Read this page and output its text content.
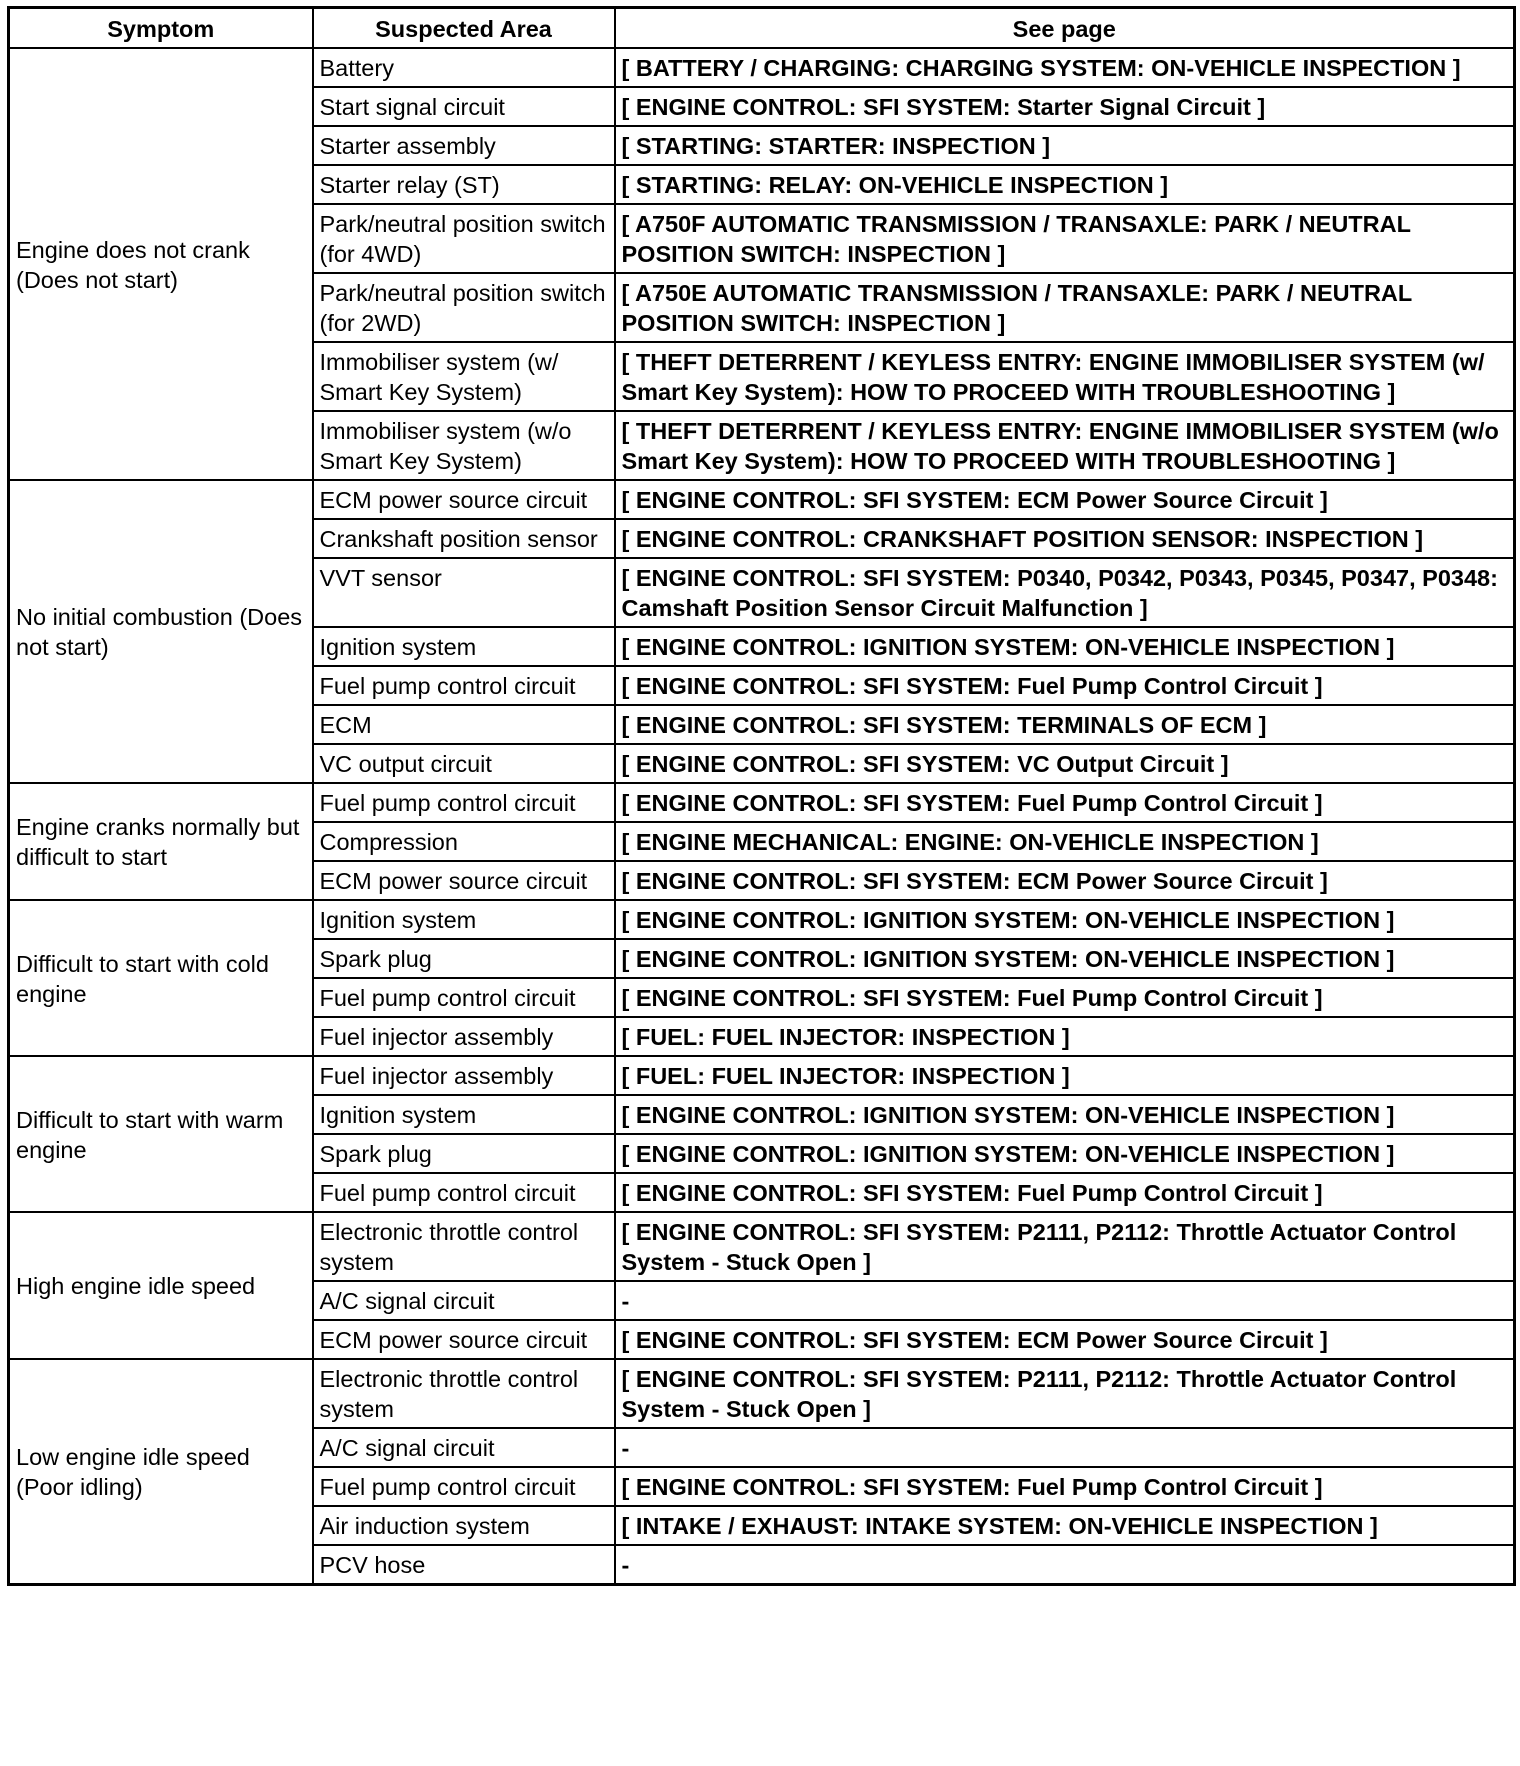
Symptom	Suspected Area	See page
Engine does not crank (Does not start)	Battery	[ BATTERY / CHARGING: CHARGING SYSTEM: ON-VEHICLE INSPECTION ]
	Start signal circuit	[ ENGINE CONTROL: SFI SYSTEM: Starter Signal Circuit ]
	Starter assembly	[ STARTING: STARTER: INSPECTION ]
	Starter relay (ST)	[ STARTING: RELAY: ON-VEHICLE INSPECTION ]
	Park/neutral position switch (for 4WD)	[ A750F AUTOMATIC TRANSMISSION / TRANSAXLE: PARK / NEUTRAL POSITION SWITCH: INSPECTION ]
	Park/neutral position switch (for 2WD)	[ A750E AUTOMATIC TRANSMISSION / TRANSAXLE: PARK / NEUTRAL POSITION SWITCH: INSPECTION ]
	Immobiliser system (w/ Smart Key System)	[ THEFT DETERRENT / KEYLESS ENTRY: ENGINE IMMOBILISER SYSTEM (w/ Smart Key System): HOW TO PROCEED WITH TROUBLESHOOTING ]
	Immobiliser system (w/o Smart Key System)	[ THEFT DETERRENT / KEYLESS ENTRY: ENGINE IMMOBILISER SYSTEM (w/o Smart Key System): HOW TO PROCEED WITH TROUBLESHOOTING ]
No initial combustion (Does not start)	ECM power source circuit	[ ENGINE CONTROL: SFI SYSTEM: ECM Power Source Circuit ]
	Crankshaft position sensor	[ ENGINE CONTROL: CRANKSHAFT POSITION SENSOR: INSPECTION ]
	VVT sensor	[ ENGINE CONTROL: SFI SYSTEM: P0340, P0342, P0343, P0345, P0347, P0348: Camshaft Position Sensor Circuit Malfunction ]
	Ignition system	[ ENGINE CONTROL: IGNITION SYSTEM: ON-VEHICLE INSPECTION ]
	Fuel pump control circuit	[ ENGINE CONTROL: SFI SYSTEM: Fuel Pump Control Circuit ]
	ECM	[ ENGINE CONTROL: SFI SYSTEM: TERMINALS OF ECM ]
	VC output circuit	[ ENGINE CONTROL: SFI SYSTEM: VC Output Circuit ]
Engine cranks normally but difficult to start	Fuel pump control circuit	[ ENGINE CONTROL: SFI SYSTEM: Fuel Pump Control Circuit ]
	Compression	[ ENGINE MECHANICAL: ENGINE: ON-VEHICLE INSPECTION ]
	ECM power source circuit	[ ENGINE CONTROL: SFI SYSTEM: ECM Power Source Circuit ]
Difficult to start with cold engine	Ignition system	[ ENGINE CONTROL: IGNITION SYSTEM: ON-VEHICLE INSPECTION ]
	Spark plug	[ ENGINE CONTROL: IGNITION SYSTEM: ON-VEHICLE INSPECTION ]
	Fuel pump control circuit	[ ENGINE CONTROL: SFI SYSTEM: Fuel Pump Control Circuit ]
	Fuel injector assembly	[ FUEL: FUEL INJECTOR: INSPECTION ]
Difficult to start with warm engine	Fuel injector assembly	[ FUEL: FUEL INJECTOR: INSPECTION ]
	Ignition system	[ ENGINE CONTROL: IGNITION SYSTEM: ON-VEHICLE INSPECTION ]
	Spark plug	[ ENGINE CONTROL: IGNITION SYSTEM: ON-VEHICLE INSPECTION ]
	Fuel pump control circuit	[ ENGINE CONTROL: SFI SYSTEM: Fuel Pump Control Circuit ]
High engine idle speed	Electronic throttle control system	[ ENGINE CONTROL: SFI SYSTEM: P2111, P2112: Throttle Actuator Control System - Stuck Open ]
	A/C signal circuit	-
	ECM power source circuit	[ ENGINE CONTROL: SFI SYSTEM: ECM Power Source Circuit ]
Low engine idle speed (Poor idling)	Electronic throttle control system	[ ENGINE CONTROL: SFI SYSTEM: P2111, P2112: Throttle Actuator Control System - Stuck Open ]
	A/C signal circuit	-
	Fuel pump control circuit	[ ENGINE CONTROL: SFI SYSTEM: Fuel Pump Control Circuit ]
	Air induction system	[ INTAKE / EXHAUST: INTAKE SYSTEM: ON-VEHICLE INSPECTION ]
	PCV hose	-
